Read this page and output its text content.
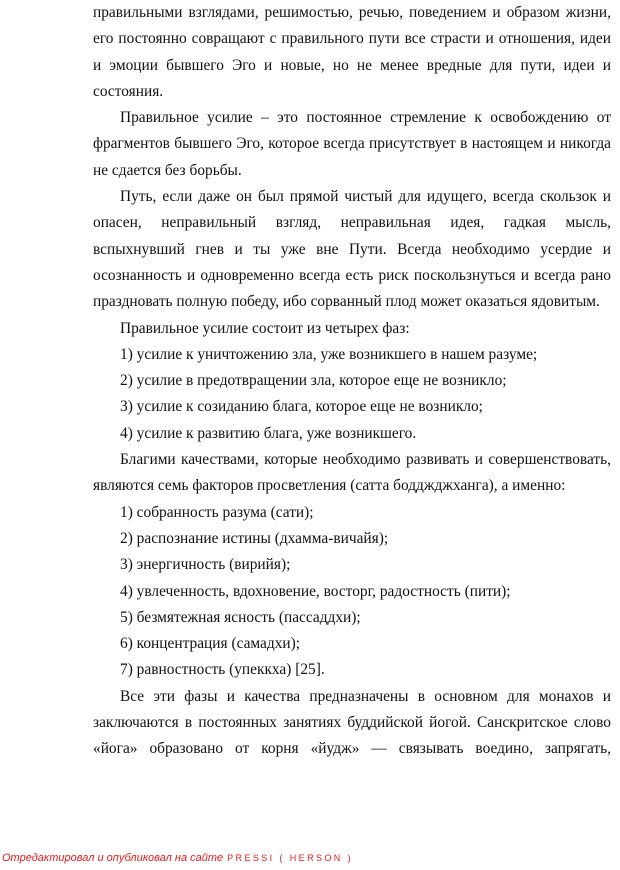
правильными взглядами, решимостью, речью, поведением и образом жизни, его постоянно совращают с правильного пути все страсти и отношения, идеи и эмоции бывшего Эго и новые, но не менее вредные для пути, идеи и состояния.

Правильное усилие – это постоянное стремление к освобождению от фрагментов бывшего Эго, которое всегда присутствует в настоящем и никогда не сдается без борьбы.

Путь, если даже он был прямой чистый для идущего, всегда скользок и опасен, неправильный взгляд, неправильная идея, гадкая мысль, вспыхнувший гнев и ты уже вне Пути. Всегда необходимо усердие и осознанность и одновременно всегда есть риск поскользнуться и всегда рано праздновать полную победу, ибо сорванный плод может оказаться ядовитым.

Правильное усилие состоит из четырех фаз:

1) усилие к уничтожению зла, уже возникшего в нашем разуме;

2) усилие в предотвращении зла, которое еще не возникло;

3) усилие к созиданию блага, которое еще не возникло;

4) усилие к развитию блага, уже возникшего.

Благими качествами, которые необходимо развивать и совершенствовать, являются семь факторов просветления (сатта бодджджханга), а именно:

1) собранность разума (сати);

2) распознание истины (дхамма-вичайя);

3) энергичность (вирийя);

4) увлеченность, вдохновение, восторг, радостность (пити);

5) безмятежная ясность (пассаддхи);

6) концентрация (самадхи);

7) равностность (упеккха) [25].

Все эти фазы и качества предназначены в основном для монахов и заключаются в постоянных занятиях буддийской йогой. Санскритское слово «йога» образовано от корня «йудж» — связывать воедино, запрягать,

Отредактировал и опубликовал на сайте PRESSI ( HERSON )
